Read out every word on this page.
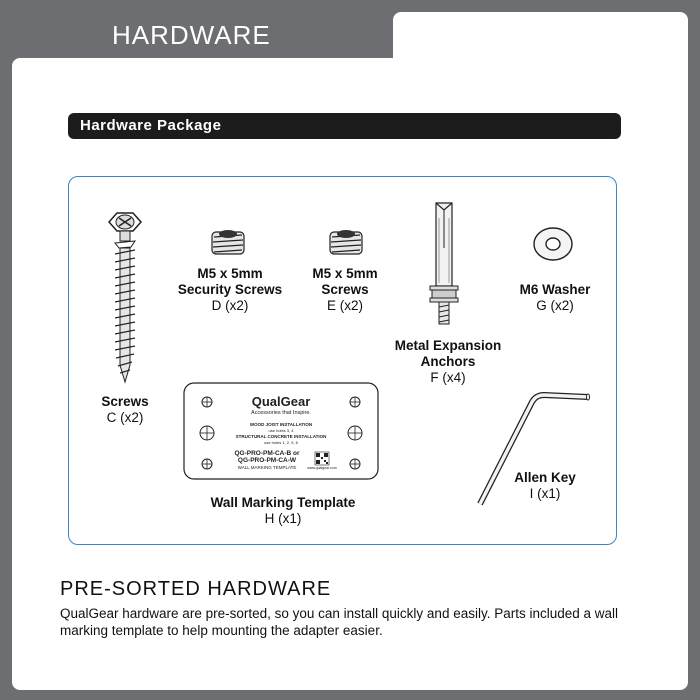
HARDWARE
Hardware Package
Screws
C (x2)
M5 x 5mm
Security Screws
D (x2)
M5 x 5mm
Screws
E (x2)
Metal Expansion
Anchors
F (x4)
M6 Washer
G (x2)
QualGear
Accessories that Inspire.
WOOD JOIST INSTALLATION
use holes 3, 4
STRUCTURAL CONCRETE INSTALLATION
use holes 1, 2, 5, 6
QG-PRO-PM-CA-B or
QG-PRO-PM-CA-W
WALL MARKING TEMPLATE	www.qualgear.com
Wall Marking Template
H (x1)
Allen Key
I (x1)
PRE-SORTED HARDWARE
QualGear hardware are pre-sorted, so you can install quickly and easily. Parts included a wall marking template to help mounting the adapter easier.
